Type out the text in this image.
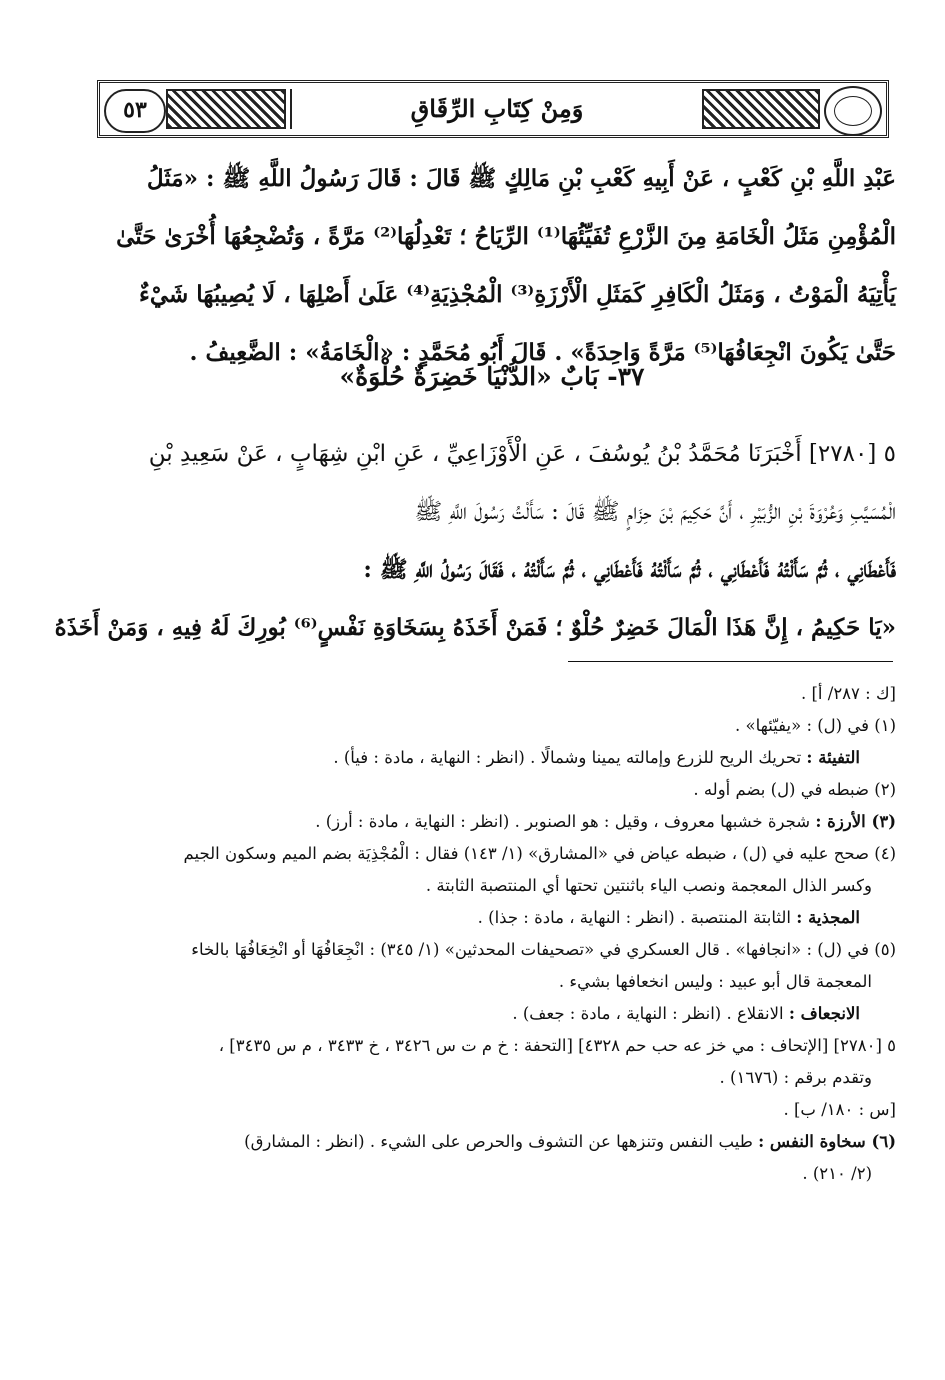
وَمِنْ كِتَابِ الرِّقَاقِ
٥٣
عَبْدِ اللَّهِ بْنِ كَعْبٍ ، عَنْ أَبِيهِ كَعْبِ بْنِ مَالِكٍ ﷺ قَالَ : قَالَ رَسُولُ اللَّهِ ﷺ : «مَثَلُ
الْمُؤْمِنِ مَثَلُ الْخَامَةِ مِنَ الزَّرْعِ تُفَيِّئُهَا⁽¹⁾ الرِّيَاحُ ؛ تَعْدِلُهَا⁽²⁾ مَرَّةً ، وَتُضْجِعُهَا أُخْرَىٰ حَتَّىٰ
يَأْتِيَهُ الْمَوْتُ ، وَمَثَلُ الْكَافِرِ كَمَثَلِ الْأَرْزَةِ⁽³⁾ الْمُجْذِيَةِ⁽⁴⁾ عَلَىٰ أَصْلِهَا ، لَا يُصِيبُهَا شَيْءٌ
حَتَّىٰ يَكُونَ انْجِعَافُهَا⁽⁵⁾ مَرَّةً وَاحِدَةً» . قَالَ أَبُو مُحَمَّدٍ : «الْخَامَةُ» : الضَّعِيفُ .
٣٧- بَابٌ «الدُّنْيَا خَضِرَةٌ حُلْوَةٌ»
٥ [٢٧٨٠] أَخْبَرَنَا مُحَمَّدُ بْنُ يُوسُفَ ، عَنِ الْأَوْزَاعِيِّ ، عَنِ ابْنِ شِهَابٍ ، عَنْ سَعِيدِ بْنِ
الْمُسَيَّبِ وَعُرْوَةَ بْنِ الزُّبَيْرِ ، أَنَّ حَكِيمَ بْنَ حِزَامٍ ﷺ قَالَ : سَأَلْتُ رَسُولَ اللَّهِ ﷺ
فَأَعْطَانِي ، ثُمَّ سَأَلْتُهُ فَأَعْطَانِي ، ثُمَّ سَأَلْتُهُ فَأَعْطَانِي ، ثُمَّ سَأَلْتُهُ ، فَقَالَ رَسُولُ اللَّهِ ﷺ :
«يَا حَكِيمُ ، إِنَّ هَذَا الْمَالَ خَضِرٌ حُلْوٌ ؛ فَمَنْ أَخَذَهُ بِسَخَاوَةِ نَفْسٍ⁽⁶⁾ بُورِكَ لَهُ فِيهِ ، وَمَنْ أَخَذَهُ
[ك : ٢٨٧/ أ] .
(١) في (ل) : «يفيّئها» .
التفيئة : تحريك الريح للزرع وإمالته يمينا وشمالًا . (انظر : النهاية ، مادة : فيأ) .
(٢) ضبطه في (ل) بضم أوله .
(٣) الأرزة : شجرة خشبها معروف ، وقيل : هو الصنوبر . (انظر : النهاية ، مادة : أرز) .
(٤) صحح عليه في (ل) ، ضبطه عياض في «المشارق» (١/ ١٤٣) فقال : الْمُجْذِيَة بضم الميم وسكون الجيم
وكسر الذال المعجمة ونصب الياء باثنتين تحتها أي المنتصبة الثابتة .
المجذية : الثابتة المنتصبة . (انظر : النهاية ، مادة : جذا) .
(٥) في (ل) : «انجافها» . قال العسكري في «تصحيفات المحدثين» (١/ ٣٤٥) : انْجِعَافُهَا أو انْخِعَافُهَا بالخاء
المعجمة قال أبو عبيد : وليس انخعافها بشيء .
الانجعاف : الانقلاع . (انظر : النهاية ، مادة : جعف) .
٥ [٢٧٨٠] [الإتحاف : مي خز عه حب حم ٤٣٢٨] [التحفة : خ م ت س ٣٤٢٦ ، خ ٣٤٣٣ ، م س ٣٤٣٥] ،
وتقدم برقم : (١٦٧٦) .
[س : ١٨٠/ ب] .
(٦) سخاوة النفس : طيب النفس وتنزهها عن التشوف والحرص على الشيء . (انظر : المشارق)
(٢/ ٢١٠) .
